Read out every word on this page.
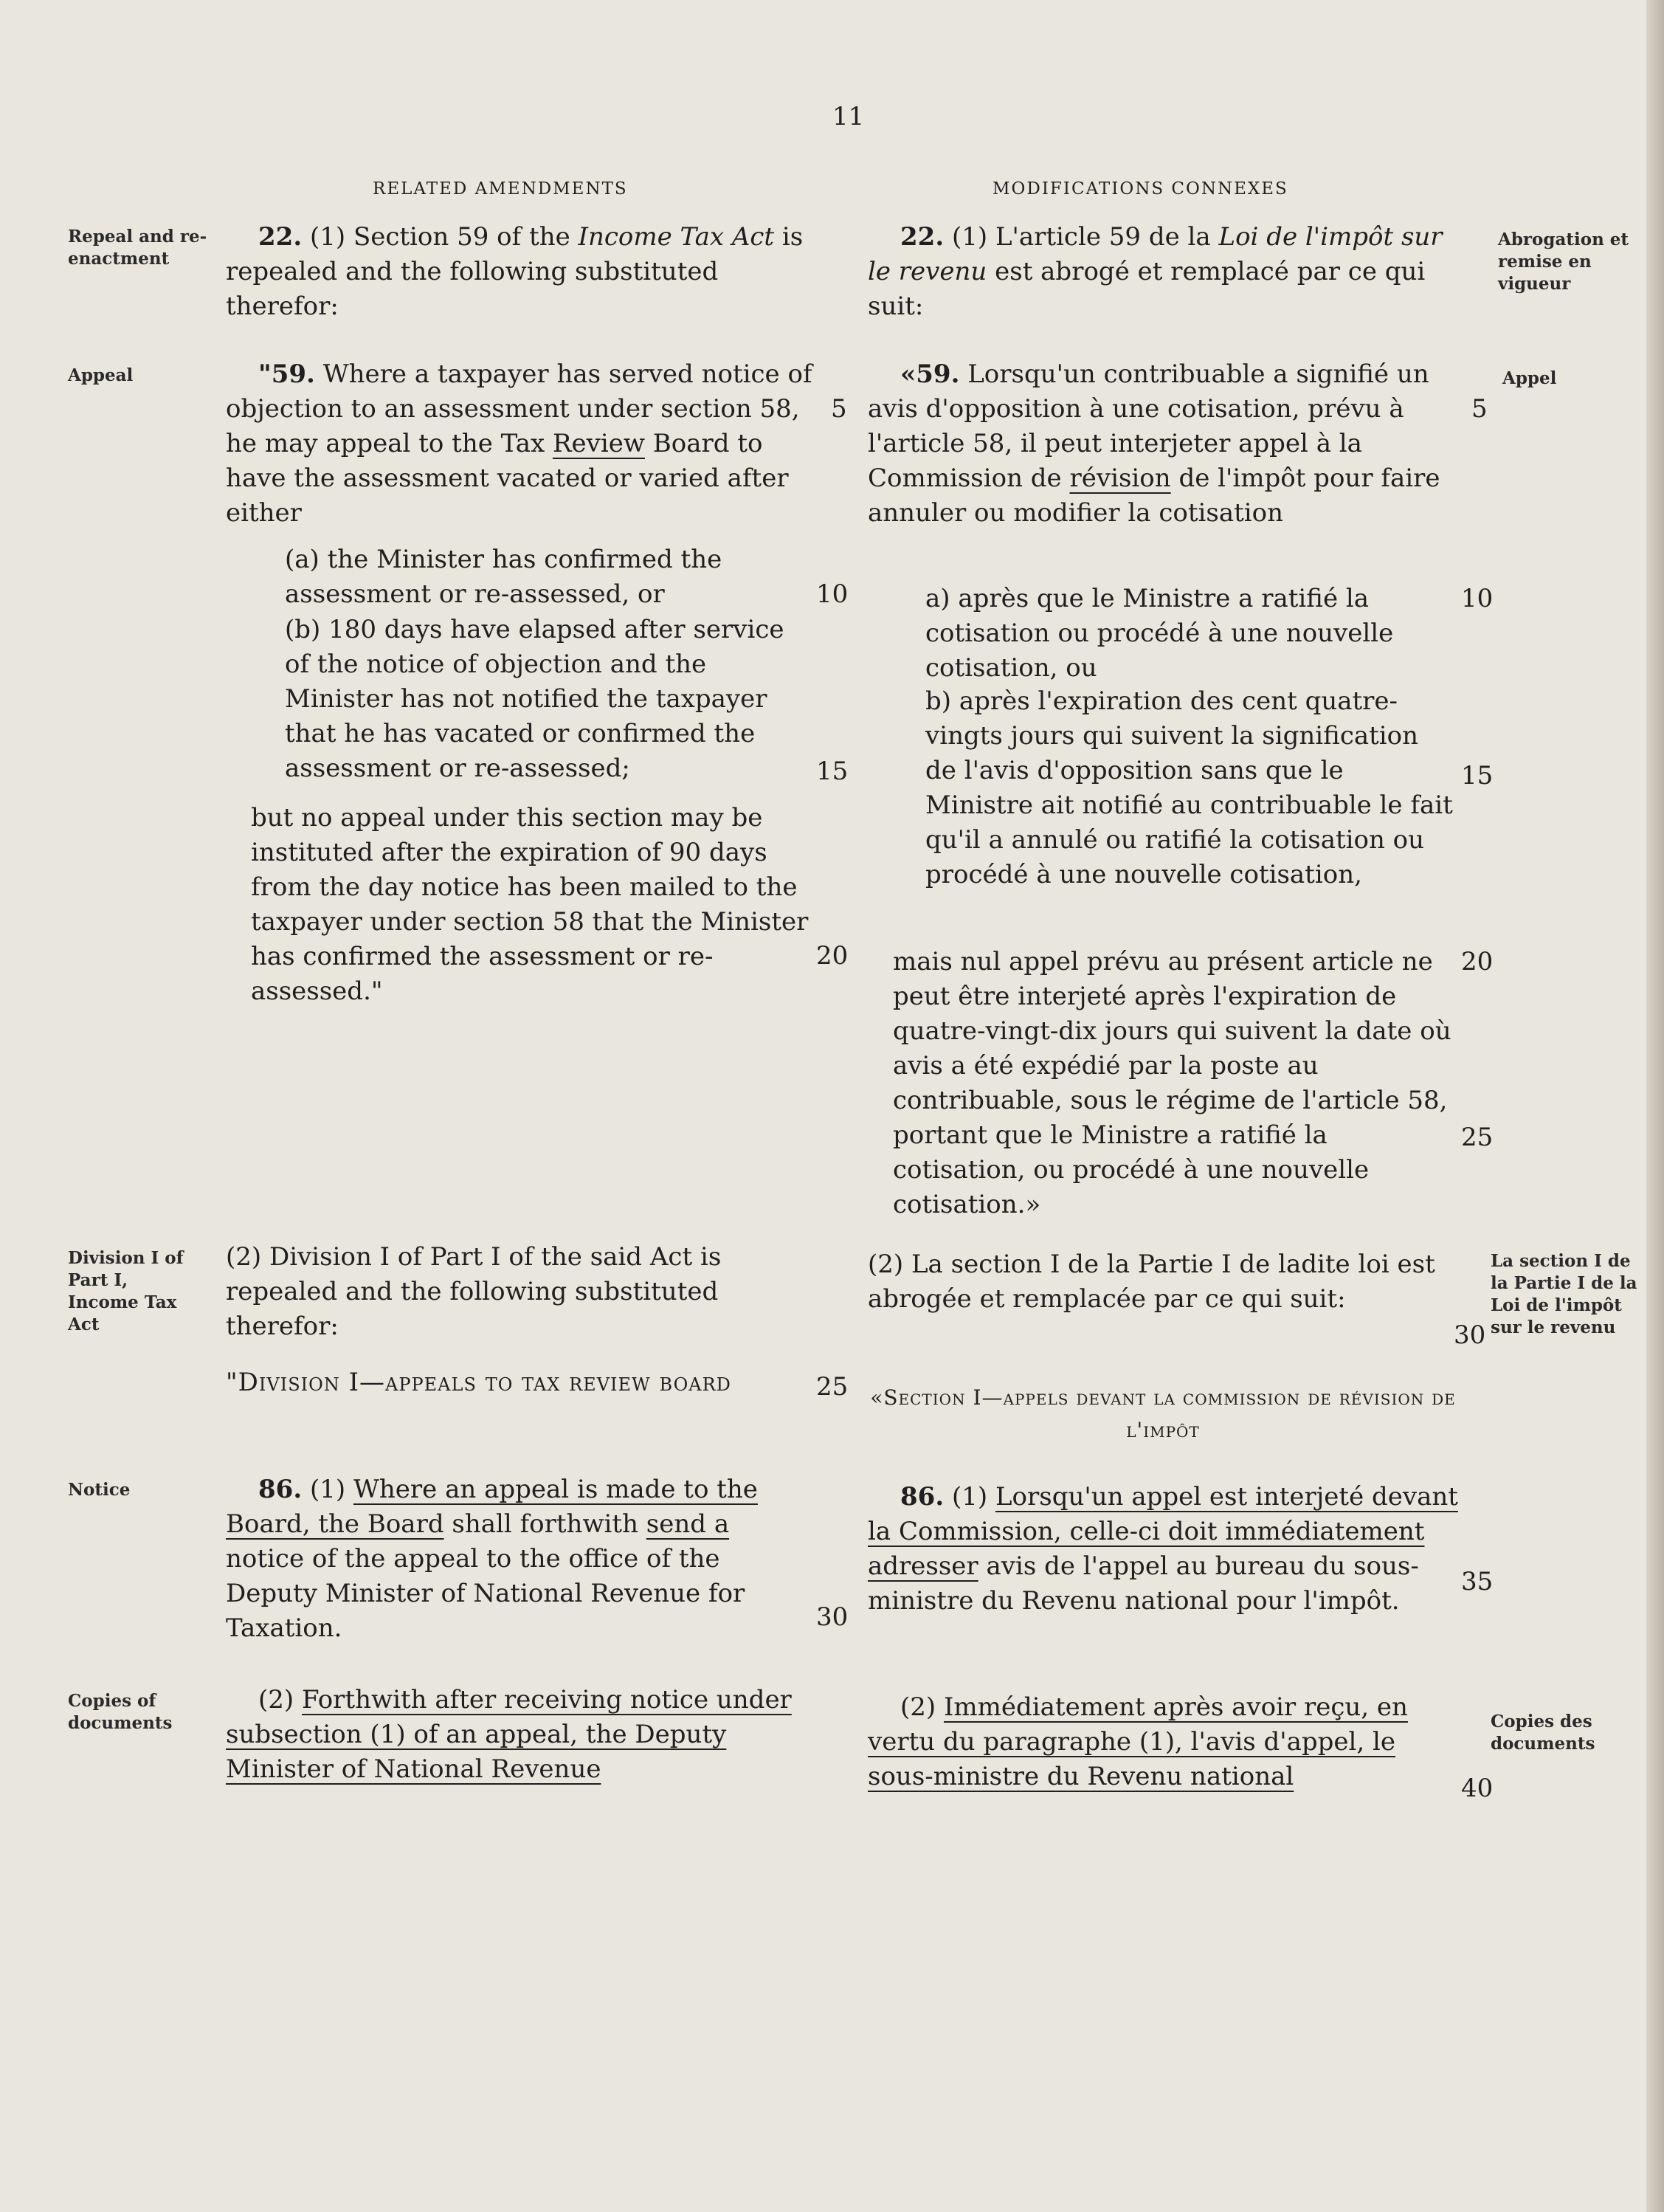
11
RELATED AMENDMENTS	MODIFICATIONS CONNEXES
Repeal and re-enactment
Appeal
Division I of Part I, Income Tax Act
Notice
Copies of documents
Abrogation et remise en vigueur
Appel
La section I de la Partie I de la Loi de l'impôt sur le revenu
Copies des documents
22. (1) Section 59 of the Income Tax Act is repealed and the following substituted therefor:
"59. Where a taxpayer has served notice of objection to an assessment under section 58, he may appeal to the Tax Review Board to have the assessment vacated or varied after either
(a) the Minister has confirmed the assessment or re-assessed, or
(b) 180 days have elapsed after service of the notice of objection and the Minister has not notified the taxpayer that he has vacated or confirmed the assessment or re-assessed;
but no appeal under this section may be instituted after the expiration of 90 days from the day notice has been mailed to the taxpayer under section 58 that the Minister has confirmed the assessment or re-assessed."
(2) Division I of Part I of the said Act is repealed and the following substituted therefor:
"Division I—appeals to tax review board
86. (1) Where an appeal is made to the Board, the Board shall forthwith send a notice of the appeal to the office of the Deputy Minister of National Revenue for Taxation.
(2) Forthwith after receiving notice under subsection (1) of an appeal, the Deputy Minister of National Revenue
5
10
15
20
25
30
22. (1) L'article 59 de la Loi de l'impôt sur le revenu est abrogé et remplacé par ce qui suit:
«59. Lorsqu'un contribuable a signifié un avis d'opposition à une cotisation, prévu à l'article 58, il peut interjeter appel à la Commission de révision de l'impôt pour faire annuler ou modifier la cotisation
a) après que le Ministre a ratifié la cotisation ou procédé à une nouvelle cotisation, ou
b) après l'expiration des cent quatre-vingts jours qui suivent la signification de l'avis d'opposition sans que le Ministre ait notifié au contribuable le fait qu'il a annulé ou ratifié la cotisation ou procédé à une nouvelle cotisation,
mais nul appel prévu au présent article ne peut être interjeté après l'expiration de quatre-vingt-dix jours qui suivent la date où avis a été expédié par la poste au contribuable, sous le régime de l'article 58, portant que le Ministre a ratifié la cotisation, ou procédé à une nouvelle cotisation.»
(2) La section I de la Partie I de ladite loi est abrogée et remplacée par ce qui suit:
«Section I—appels devant la commission de révision de l'impôt
86. (1) Lorsqu'un appel est interjeté devant la Commission, celle-ci doit immédiatement adresser avis de l'appel au bureau du sous-ministre du Revenu national pour l'impôt.
(2) Immédiatement après avoir reçu, en vertu du paragraphe (1), l'avis d'appel, le sous-ministre du Revenu national
5
10
15
20
25
30
35
40
